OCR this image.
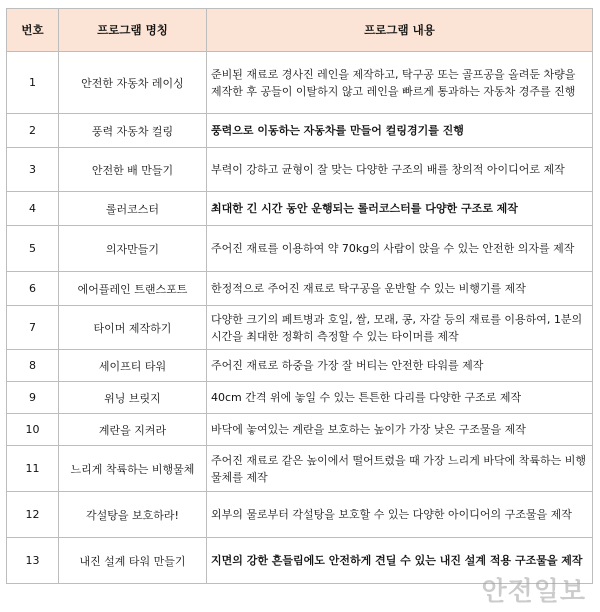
번호	프로그램 명칭	프로그램 내용
1	안전한 자동차 레이싱	준비된 재료로 경사진 레인을 제작하고, 탁구공 또는 골프공을 올려둔 차량을 제작한 후 공들이 이탈하지 않고 레인을 빠르게 통과하는 자동차 경주를 진행
2	풍력 자동차 컬링	풍력으로 이동하는 자동차를 만들어 컬링경기를 진행
3	안전한 배 만들기	부력이 강하고 균형이 잘 맞는 다양한 구조의 배를 창의적 아이디어로 제작
4	롤러코스터	최대한 긴 시간 동안 운행되는 롤러코스터를 다양한 구조로 제작
5	의자만들기	주어진 재료를 이용하여 약 70kg의 사람이 앉을 수 있는 안전한 의자를 제작
6	에어플레인 트랜스포트	한정적으로 주어진 재료로 탁구공을 운반할 수 있는 비행기를 제작
7	타이머 제작하기	다양한 크기의 페트병과 호일, 쌀, 모래, 콩, 자갈 등의 재료를 이용하여, 1분의 시간을 최대한 정확히 측정할 수 있는 타이머를 제작
8	세이프티 타워	주어진 재료로 하중을 가장 잘 버티는 안전한 타워를 제작
9	위닝 브릿지	40cm 간격 위에 놓일 수 있는 튼튼한 다리를 다양한 구조로 제작
10	계란을 지켜라	바닥에 놓여있는 계란을 보호하는 높이가 가장 낮은 구조물을 제작
11	느리게 착륙하는 비행물체	주어진 재료로 같은 높이에서 떨어트렸을 때 가장 느리게 바닥에 착륙하는 비행물체를 제작
12	각설탕을 보호하라!	외부의 물로부터 각설탕을 보호할 수 있는 다양한 아이디어의 구조물을 제작
13	내진 설계 타워 만들기	지면의 강한 흔들림에도 안전하게 견딜 수 있는 내진 설계 적용 구조물을 제작
안전일보
